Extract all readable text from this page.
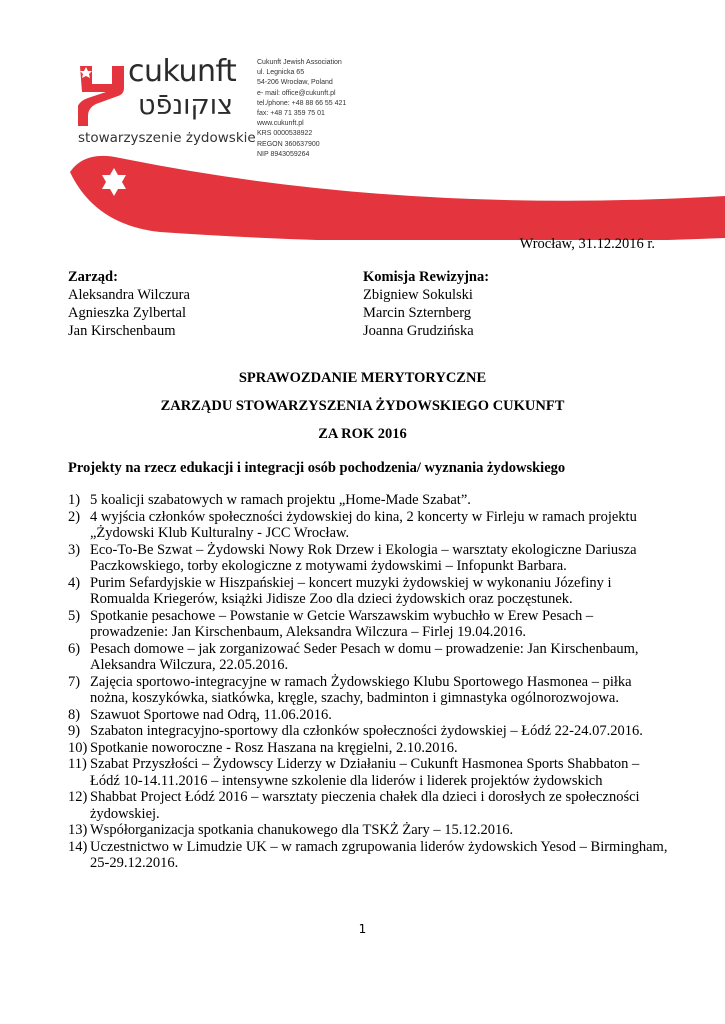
cukunft
צוקונפֿט
stowarzyszenie żydowskie
Cukunft Jewish Association
ul. Legnicka 65
54-206 Wrocław, Poland
e- mail: office@cukunft.pl
tel./phone: +48 88 66 55 421
fax: +48 71 359 75 01
www.cukunft.pl
KRS 0000538922
REGON 360637900
NIP 8943059264
Wrocław, 31.12.2016 r.
Zarząd:
Aleksandra Wilczura
Agnieszka Zylbertal
Jan Kirschenbaum
Komisja Rewizyjna:
Zbigniew Sokulski
Marcin Szternberg
Joanna Grudzińska
SPRAWOZDANIE MERYTORYCZNE
ZARZĄDU STOWARZYSZENIA ŻYDOWSKIEGO CUKUNFT
ZA ROK 2016
Projekty na rzecz edukacji i integracji osób pochodzenia/ wyznania żydowskiego
1) 5 koalicji szabatowych w ramach projektu „Home-Made Szabat”.
2) 4 wyjścia członków społeczności żydowskiej do kina, 2 koncerty w Firleju w ramach projektu „Żydowski Klub Kulturalny - JCC Wrocław.
3) Eco-To-Be Szwat – Żydowski Nowy Rok Drzew i Ekologia – warsztaty ekologiczne Dariusza Paczkowskiego, torby ekologiczne z motywami żydowskimi – Infopunkt Barbara.
4) Purim Sefardyjskie w Hiszpańskiej – koncert muzyki żydowskiej w wykonaniu Józefiny i Romualda Kriegerów, książki Jidisze Zoo dla dzieci żydowskich oraz poczęstunek.
5) Spotkanie pesachowe – Powstanie w Getcie Warszawskim wybuchło w Erew Pesach – prowadzenie: Jan Kirschenbaum, Aleksandra Wilczura – Firlej 19.04.2016.
6) Pesach domowe – jak zorganizować Seder Pesach w domu – prowadzenie: Jan Kirschenbaum, Aleksandra Wilczura, 22.05.2016.
7) Zajęcia sportowo-integracyjne w ramach Żydowskiego Klubu Sportowego Hasmonea – piłka nożna, koszykówka, siatkówka, kręgle, szachy, badminton i gimnastyka ogólnorozwojowa.
8) Szawuot Sportowe nad Odrą, 11.06.2016.
9) Szabaton integracyjno-sportowy dla członków społeczności żydowskiej – Łódź 22-24.07.2016.
10) Spotkanie noworoczne - Rosz Haszana na kręgielni, 2.10.2016.
11) Szabat Przyszłości – Żydowscy Liderzy w Działaniu – Cukunft Hasmonea Sports Shabbaton – Łódź 10-14.11.2016 – intensywne szkolenie dla liderów i liderek projektów żydowskich
12) Shabbat Project Łódź 2016 – warsztaty pieczenia chałek dla dzieci i dorosłych ze społeczności żydowskiej.
13) Współorganizacja spotkania chanukowego dla TSKŻ Żary – 15.12.2016.
14) Uczestnictwo w Limudzie UK – w ramach zgrupowania liderów żydowskich Yesod – Birmingham, 25-29.12.2016.
1
